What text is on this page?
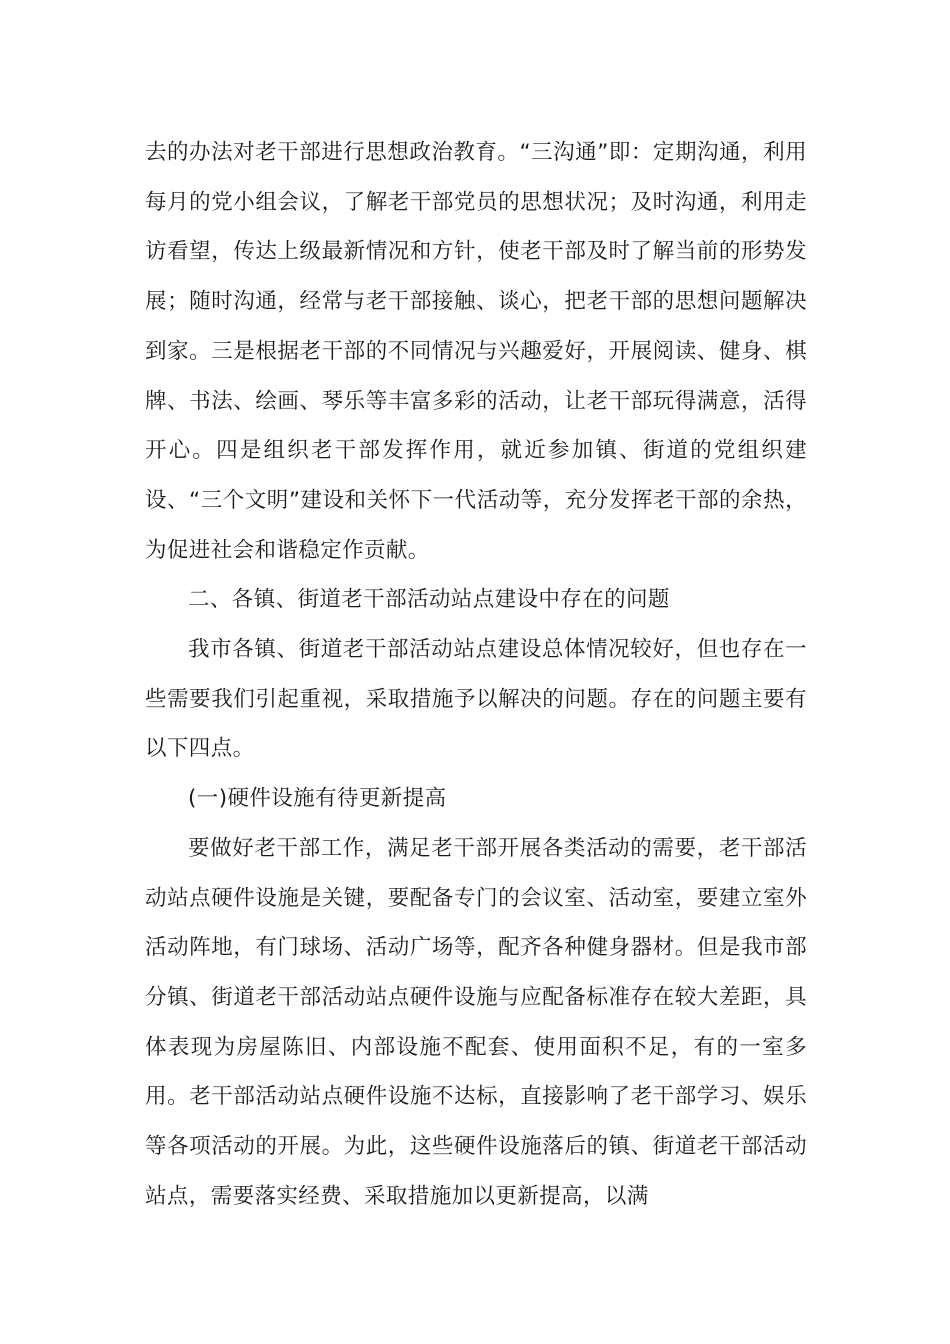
去的办法对老干部进行思想政治教育。“三沟通”即：定期沟通，利用每月的党小组会议，了解老干部党员的思想状况；及时沟通，利用走访看望，传达上级最新情况和方针，使老干部及时了解当前的形势发展；随时沟通，经常与老干部接触、谈心，把老干部的思想问题解决到家。三是根据老干部的不同情况与兴趣爱好，开展阅读、健身、棋牌、书法、绘画、琴乐等丰富多彩的活动，让老干部玩得满意，活得开心。四是组织老干部发挥作用，就近参加镇、街道的党组织建设、“三个文明”建设和关怀下一代活动等，充分发挥老干部的余热，为促进社会和谐稳定作贡献。

二、各镇、街道老干部活动站点建设中存在的问题

我市各镇、街道老干部活动站点建设总体情况较好，但也存在一些需要我们引起重视，采取措施予以解决的问题。存在的问题主要有以下四点。

(一)硬件设施有待更新提高

要做好老干部工作，满足老干部开展各类活动的需要，老干部活动站点硬件设施是关键，要配备专门的会议室、活动室，要建立室外活动阵地，有门球场、活动广场等，配齐各种健身器材。但是我市部分镇、街道老干部活动站点硬件设施与应配备标准存在较大差距，具体表现为房屋陈旧、内部设施不配套、使用面积不足，有的一室多用。老干部活动站点硬件设施不达标，直接影响了老干部学习、娱乐等各项活动的开展。为此，这些硬件设施落后的镇、街道老干部活动站点，需要落实经费、采取措施加以更新提高，以满
